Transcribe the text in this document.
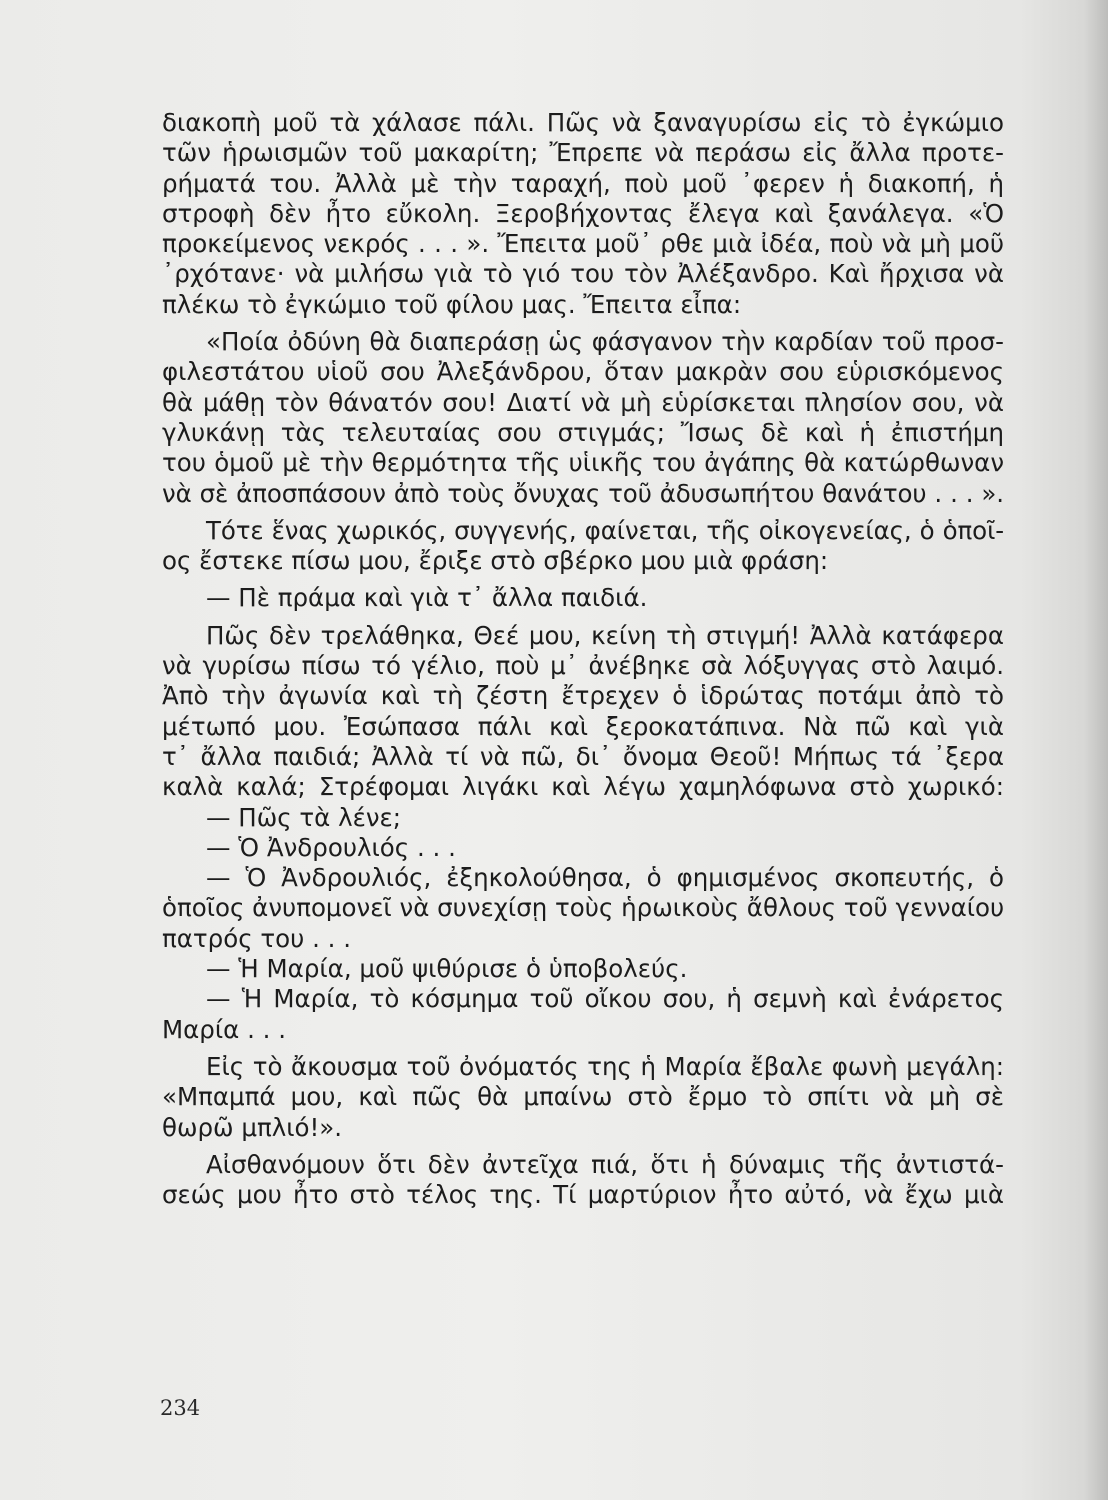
διακοπὴ μοῦ τὰ χάλασε πάλι. Πῶς νὰ ξαναγυρίσω εἰς τὸ ἐγκώμιο
τῶν ἡρωισμῶν τοῦ μακαρίτη; Ἔπρεπε νὰ περάσω εἰς ἄλλα προτε-
ρήματά του. Ἀλλὰ μὲ τὴν ταραχή, ποὺ μοῦ ᾽φερεν ἡ διακοπή, ἡ
στροφὴ δὲν ἦτο εὔκολη. Ξεροβήχοντας ἔλεγα καὶ ξανάλεγα. «Ὁ
προκείμενος νεκρός . . . ». Ἔπειτα μοῦ᾽ ρθε μιὰ ἰδέα, ποὺ νὰ μὴ μοῦ
᾽ρχότανε· νὰ μιλήσω γιὰ τὸ γιό του τὸν Ἀλέξανδρο. Καὶ ἤρχισα νὰ
πλέκω τὸ ἐγκώμιο τοῦ φίλου μας. Ἔπειτα εἶπα:
«Ποία ὀδύνη θὰ διαπεράσῃ ὡς φάσγανον τὴν καρδίαν τοῦ προσ-
φιλεστάτου υἱοῦ σου Ἀλεξάνδρου, ὅταν μακρὰν σου εὑρισκόμενος
θὰ μάθῃ τὸν θάνατόν σου! Διατί νὰ μὴ εὑρίσκεται πλησίον σου, νὰ
γλυκάνῃ τὰς τελευταίας σου στιγμάς; Ἴσως δὲ καὶ ἡ ἐπιστήμη
του ὁμοῦ μὲ τὴν θερμότητα τῆς υἱικῆς του ἀγάπης θὰ κατώρθωναν
νὰ σὲ ἀποσπάσουν ἀπὸ τοὺς ὄνυχας τοῦ ἀδυσωπήτου θανάτου . . . ».
Τότε ἕνας χωρικός, συγγενής, φαίνεται, τῆς οἰκογενείας, ὁ ὁποῖ-
ος ἔστεκε πίσω μου, ἔριξε στὸ σβέρκο μου μιὰ φράση:
— Πὲ πράμα καὶ γιὰ τ᾽ ἄλλα παιδιά.
Πῶς δὲν τρελάθηκα, Θεέ μου, κείνη τὴ στιγμή! Ἀλλὰ κατάφερα
νὰ γυρίσω πίσω τό γέλιο, ποὺ μ᾽ ἀνέβηκε σὰ λόξυγγας στὸ λαιμό.
Ἀπὸ τὴν ἀγωνία καὶ τὴ ζέστη ἔτρεχεν ὁ ἱδρώτας ποτάμι ἀπὸ τὸ
μέτωπό μου. Ἐσώπασα πάλι καὶ ξεροκατάπινα. Νὰ πῶ καὶ γιὰ
τ᾽ ἄλλα παιδιά; Ἀλλὰ τί νὰ πῶ, δι᾽ ὄνομα Θεοῦ! Μήπως τά ᾽ξερα
καλὰ καλά; Στρέφομαι λιγάκι καὶ λέγω χαμηλόφωνα στὸ χωρικό:
— Πῶς τὰ λένε;
— Ὁ Ἀνδρουλιός . . .
— Ὁ Ἀνδρουλιός, ἐξηκολούθησα, ὁ φημισμένος σκοπευτής, ὁ
ὁποῖος ἀνυπομονεῖ νὰ συνεχίσῃ τοὺς ἡρωικοὺς ἄθλους τοῦ γενναίου
πατρός του . . .
— Ἡ Μαρία, μοῦ ψιθύρισε ὁ ὑποβολεύς.
— Ἡ Μαρία, τὸ κόσμημα τοῦ οἴκου σου, ἡ σεμνὴ καὶ ἐνάρετος
Μαρία . . .
Εἰς τὸ ἄκουσμα τοῦ ὀνόματός της ἡ Μαρία ἔβαλε φωνὴ μεγάλη:
«Μπαμπά μου, καὶ πῶς θὰ μπαίνω στὸ ἔρμο τὸ σπίτι νὰ μὴ σὲ
θωρῶ μπλιό!».
Αἰσθανόμουν ὅτι δὲν ἀντεῖχα πιά, ὅτι ἡ δύναμις τῆς ἀντιστά-
σεώς μου ἦτο στὸ τέλος της. Τί μαρτύριον ἦτο αὐτό, νὰ ἔχω μιὰ
234
